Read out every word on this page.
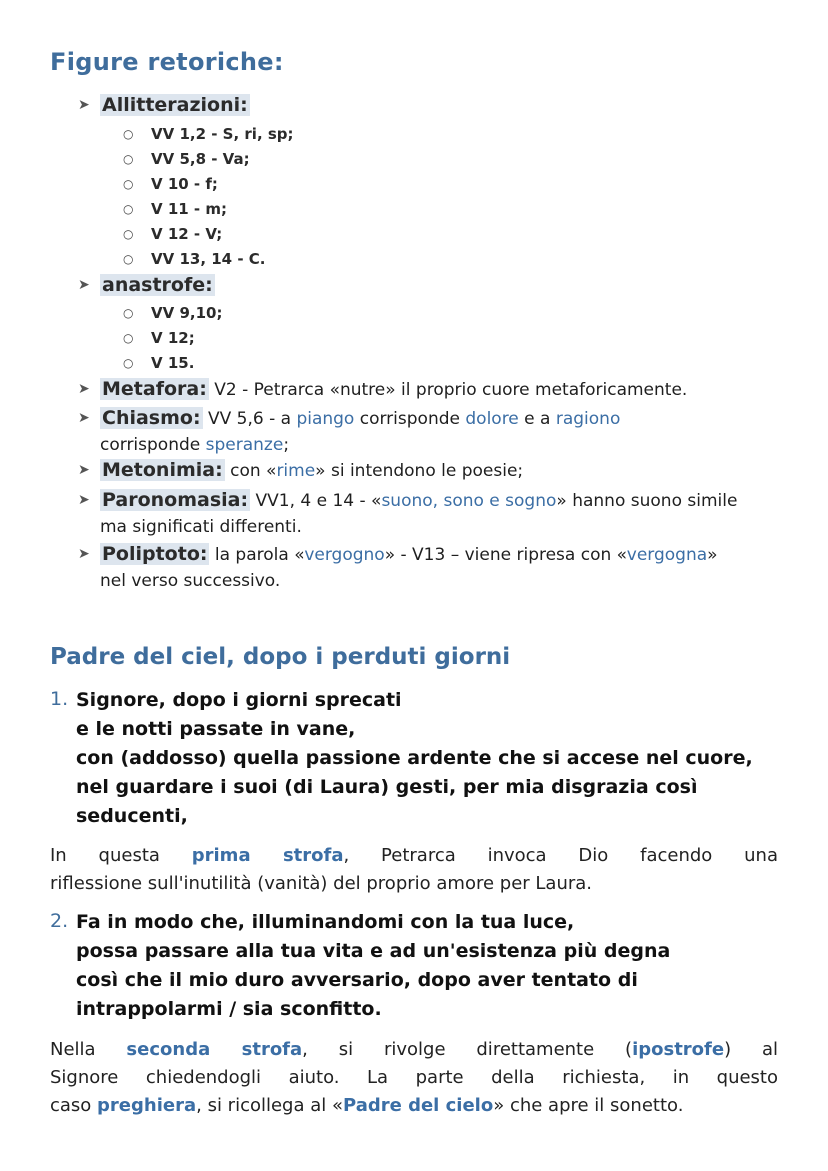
Figure retoriche:
➤ Allitterazioni:
○ VV 1,2 - S, ri, sp;
○ VV 5,8 - Va;
○ V 10 - f;
○ V 11 - m;
○ V 12 - V;
○ VV 13, 14 - C.
➤ anastrofe:
○ VV 9,10;
○ V 12;
○ V 15.
➤ Metafora: V2 - Petrarca «nutre» il proprio cuore metaforicamente.
➤ Chiasmo: VV 5,6 - a piango corrisponde dolore e a ragiono
corrisponde speranze;
➤ Metonimia: con «rime» si intendono le poesie;
➤ Paronomasia: VV1, 4 e 14 - «suono, sono e sogno» hanno suono simile
ma significati differenti.
➤ Poliptoto: la parola «vergogno» - V13 – viene ripresa con «vergogna»
nel verso successivo.
Padre del ciel, dopo i perduti giorni
1. Signore, dopo i giorni sprecati
e le notti passate in vane,
con (addosso) quella passione ardente che si accese nel cuore,
nel guardare i suoi (di Laura) gesti, per mia disgrazia così
seducenti,
In questa prima strofa, Petrarca invoca Dio facendo una
riflessione sull'inutilità (vanità) del proprio amore per Laura.
2. Fa in modo che, illuminandomi con la tua luce,
possa passare alla tua vita e ad un'esistenza più degna
così che il mio duro avversario, dopo aver tentato di
intrappolarmi / sia sconfitto.
Nella seconda strofa, si rivolge direttamente (ipostrofe) al
Signore chiedendogli aiuto. La parte della richiesta, in questo
caso preghiera, si ricollega al «Padre del cielo» che apre il sonetto.
